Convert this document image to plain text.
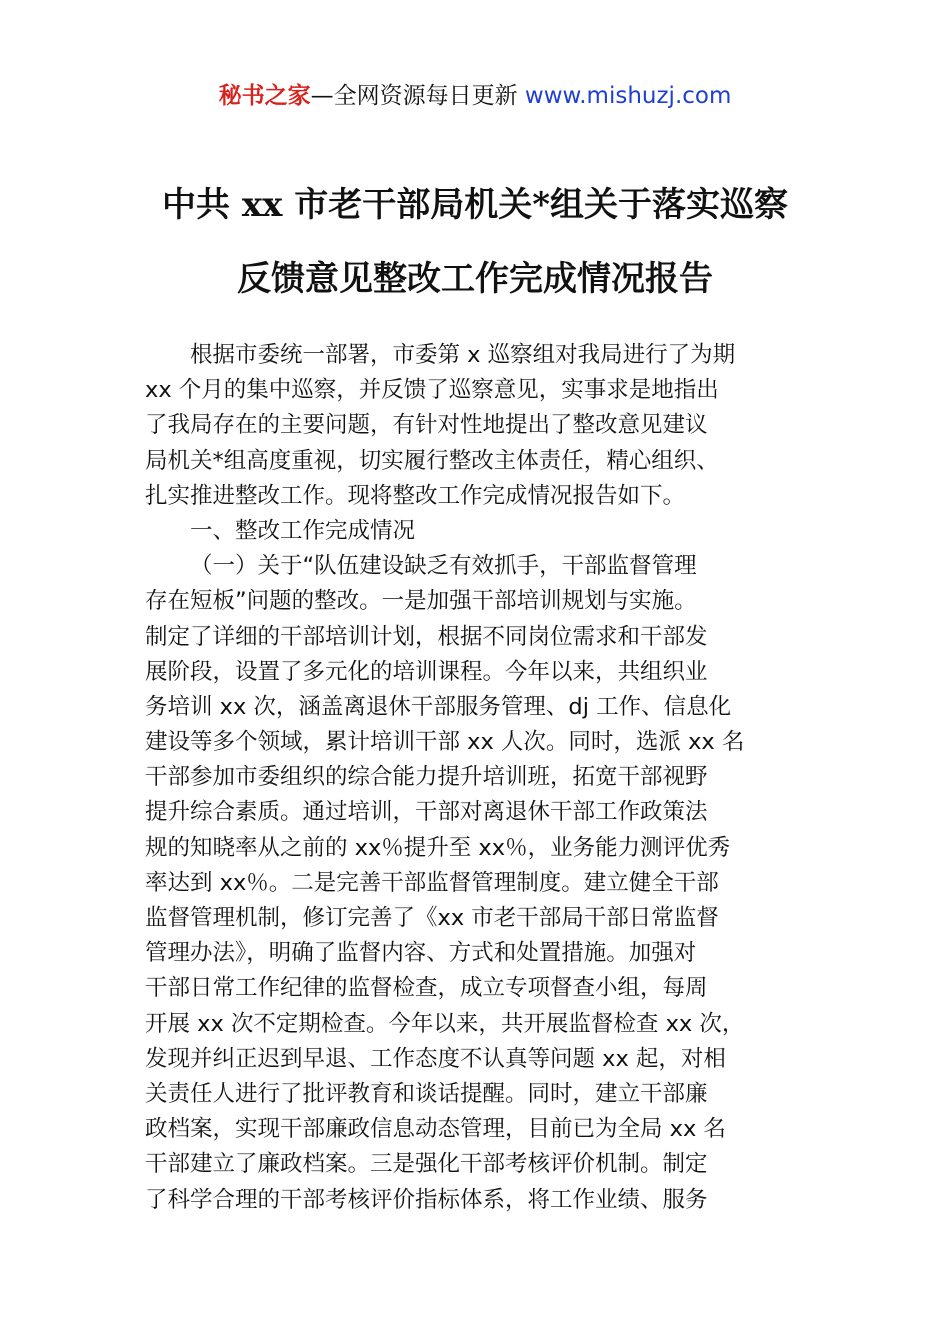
秘书之家—全网资源每日更新 www.mishuzj.com
中共 xx 市老干部局机关*组关于落实巡察
反馈意见整改工作完成情况报告
根据市委统一部署，市委第 x 巡察组对我局进行了为期
xx 个月的集中巡察，并反馈了巡察意见，实事求是地指出
了我局存在的主要问题，有针对性地提出了整改意见建议
局机关*组高度重视，切实履行整改主体责任，精心组织、
扎实推进整改工作。现将整改工作完成情况报告如下。
一、整改工作完成情况
（一）关于“队伍建设缺乏有效抓手，干部监督管理
存在短板”问题的整改。一是加强干部培训规划与实施。
制定了详细的干部培训计划，根据不同岗位需求和干部发
展阶段，设置了多元化的培训课程。今年以来，共组织业
务培训 xx 次，涵盖离退休干部服务管理、dj 工作、信息化
建设等多个领域，累计培训干部 xx 人次。同时，选派 xx 名
干部参加市委组织的综合能力提升培训班，拓宽干部视野
提升综合素质。通过培训，干部对离退休干部工作政策法
规的知晓率从之前的 xx％提升至 xx％，业务能力测评优秀
率达到 xx％。二是完善干部监督管理制度。建立健全干部
监督管理机制，修订完善了《xx 市老干部局干部日常监督
管理办法》，明确了监督内容、方式和处置措施。加强对
干部日常工作纪律的监督检查，成立专项督查小组，每周
开展 xx 次不定期检查。今年以来，共开展监督检查 xx 次，
发现并纠正迟到早退、工作态度不认真等问题 xx 起，对相
关责任人进行了批评教育和谈话提醒。同时，建立干部廉
政档案，实现干部廉政信息动态管理，目前已为全局 xx 名
干部建立了廉政档案。三是强化干部考核评价机制。制定
了科学合理的干部考核评价指标体系，将工作业绩、服务
